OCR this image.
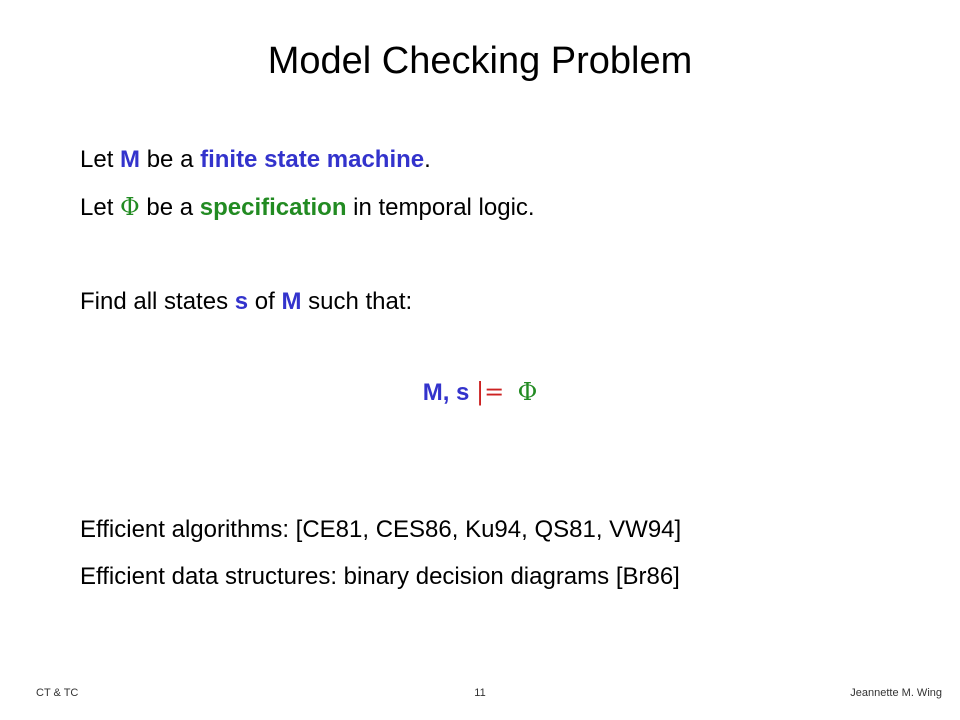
Model Checking Problem
Let M be a finite state machine.
Let Φ be a specification in temporal logic.
Find all states s of M such that:
M, s |= Φ
Efficient algorithms: [CE81, CES86, Ku94, QS81, VW94]
Efficient data structures: binary decision diagrams [Br86]
CT & TC	11	Jeannette M. Wing
